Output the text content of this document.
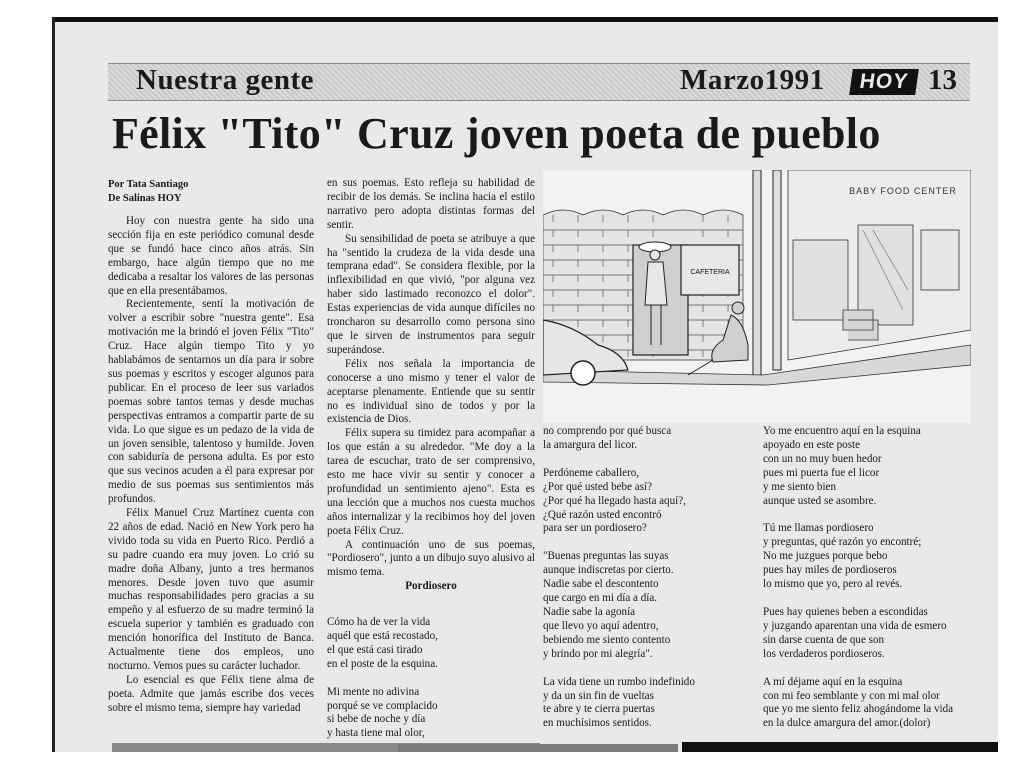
Nuestra gente	Marzo1991	HOY 13
Félix "Tito" Cruz joven poeta de pueblo

Por Tata Santiago
De Salinas HOY

Hoy con nuestra gente ha sido una sección fija en este periódico comunal desde que se fundó hace cinco años atrás. Sin embargo, hace algún tiempo que no me dedicaba a resaltar los valores de las personas que en ella presentábamos.

Recientemente, sentí la motivación de volver a escribir sobre "nuestra gente". Esa motivación me la brindó el joven Félix "Tito" Cruz. Hace algún tiempo Tito y yo hablabámos de sentarnos un día para ir sobre sus poemas y escritos y escoger algunos para publicar. En el proceso de leer sus variados poemas sobre tantos temas y desde muchas perspectivas entramos a compartir parte de su vida. Lo que sigue es un pedazo de la vida de un joven sensible, talentoso y humilde. Joven con sabiduría de persona adulta. Es por esto que sus vecinos acuden a él para expresar por medio de sus poemas sus sentimientos más profundos.

Félix Manuel Cruz Martínez cuenta con 22 años de edad. Nació en New York pero ha vivido toda su vida en Puerto Rico. Perdió a su padre cuando era muy joven. Lo crió su madre doña Albany, junto a tres hermanos menores. Desde joven tuvo que asumir muchas responsabilidades pero gracias a su empeño y al esfuerzo de su madre terminó la escuela superior y también es graduado con mención honorífica del Instituto de Banca. Actualmente tiene dos empleos, uno nocturno. Vemos pues su carácter luchador.

Lo esencial es que Félix tiene alma de poeta. Admite que jamás escribe dos veces sobre el mismo tema, siempre hay variedad

en sus poemas. Esto refleja su habilidad de recibir de los demás. Se inclina hacia el estilo narrativo pero adopta distintas formas del sentir.

Su sensibilidad de poeta se atribuye a que ha "sentido la crudeza de la vida desde una temprana edad". Se considera flexible, por la inflexibilidad en que vivió, "por alguna vez haber sido lastimado reconozco el dolor". Estas experiencias de vida aunque difíciles no troncharon su desarrollo como persona sino que le sirven de instrumentos para seguir superándose.

Félix nos señala la importancia de conocerse a uno mismo y tener el valor de aceptarse plenamente. Entiende que su sentir no es individual sino de todos y por la existencia de Dios.

Félix supera su timidez para acompañar a los que están a su alrededor. "Me doy a la tarea de escuchar, trato de ser comprensivo, esto me hace vivir su sentir y conocer a profundidad un sentimiento ajeno". Esta es una lección que a muchos nos cuesta muchos años internalizar y la recibimos hoy del joven poeta Félix Cruz.

A continuación uno de sus poemas, "Pordiosero", junto a un dibujo suyo alusivo al mismo tema.

Pordiosero
Cómo ha de ver la vida
aquél que está recostado,
el que está casi tirado
en el poste de la esquina.
Mi mente no adivina
porqué se ve complacido
si bebe de noche y día
y hasta tiene mal olor,
CAFETERIA
BABY FOOD CENTER
no comprendo por qué busca
la amargura del licor.
Perdóneme caballero,
¿Por qué usted bebe así?
¿Por qué ha llegado hasta aquí?,
¿Qué razón usted encontró
para ser un pordiosero?
"Buenas preguntas las suyas
aunque indiscretas por cierto.
Nadie sabe el descontento
que cargo en mi día a día.
Nadie sabe la agonía
que llevo yo aquí adentro,
bebiendo me siento contento
y brindo por mi alegría".
La vida tiene un rumbo indefinido
y da un sin fin de vueltas
te abre y te cierra puertas
en muchísimos sentidos.
Yo me encuentro aquí en la esquina
apoyado en este poste
con un no muy buen hedor
pues mi puerta fue el licor
y me siento bien
aunque usted se asombre.
Tú me llamas pordiosero
y preguntas, qué razón yo encontré;
No me juzgues porque bebo
pues hay miles de pordioseros
lo mismo que yo, pero al revés.
Pues hay quienes beben a escondidas
y juzgando aparentan una vida de esmero
sin darse cuenta de que son
los verdaderos pordioseros.
A mí déjame aquí en la esquina
con mi feo semblante y con mi mal olor
que yo me siento feliz ahogándome la vida
en la dulce amargura del amor.(dolor)
